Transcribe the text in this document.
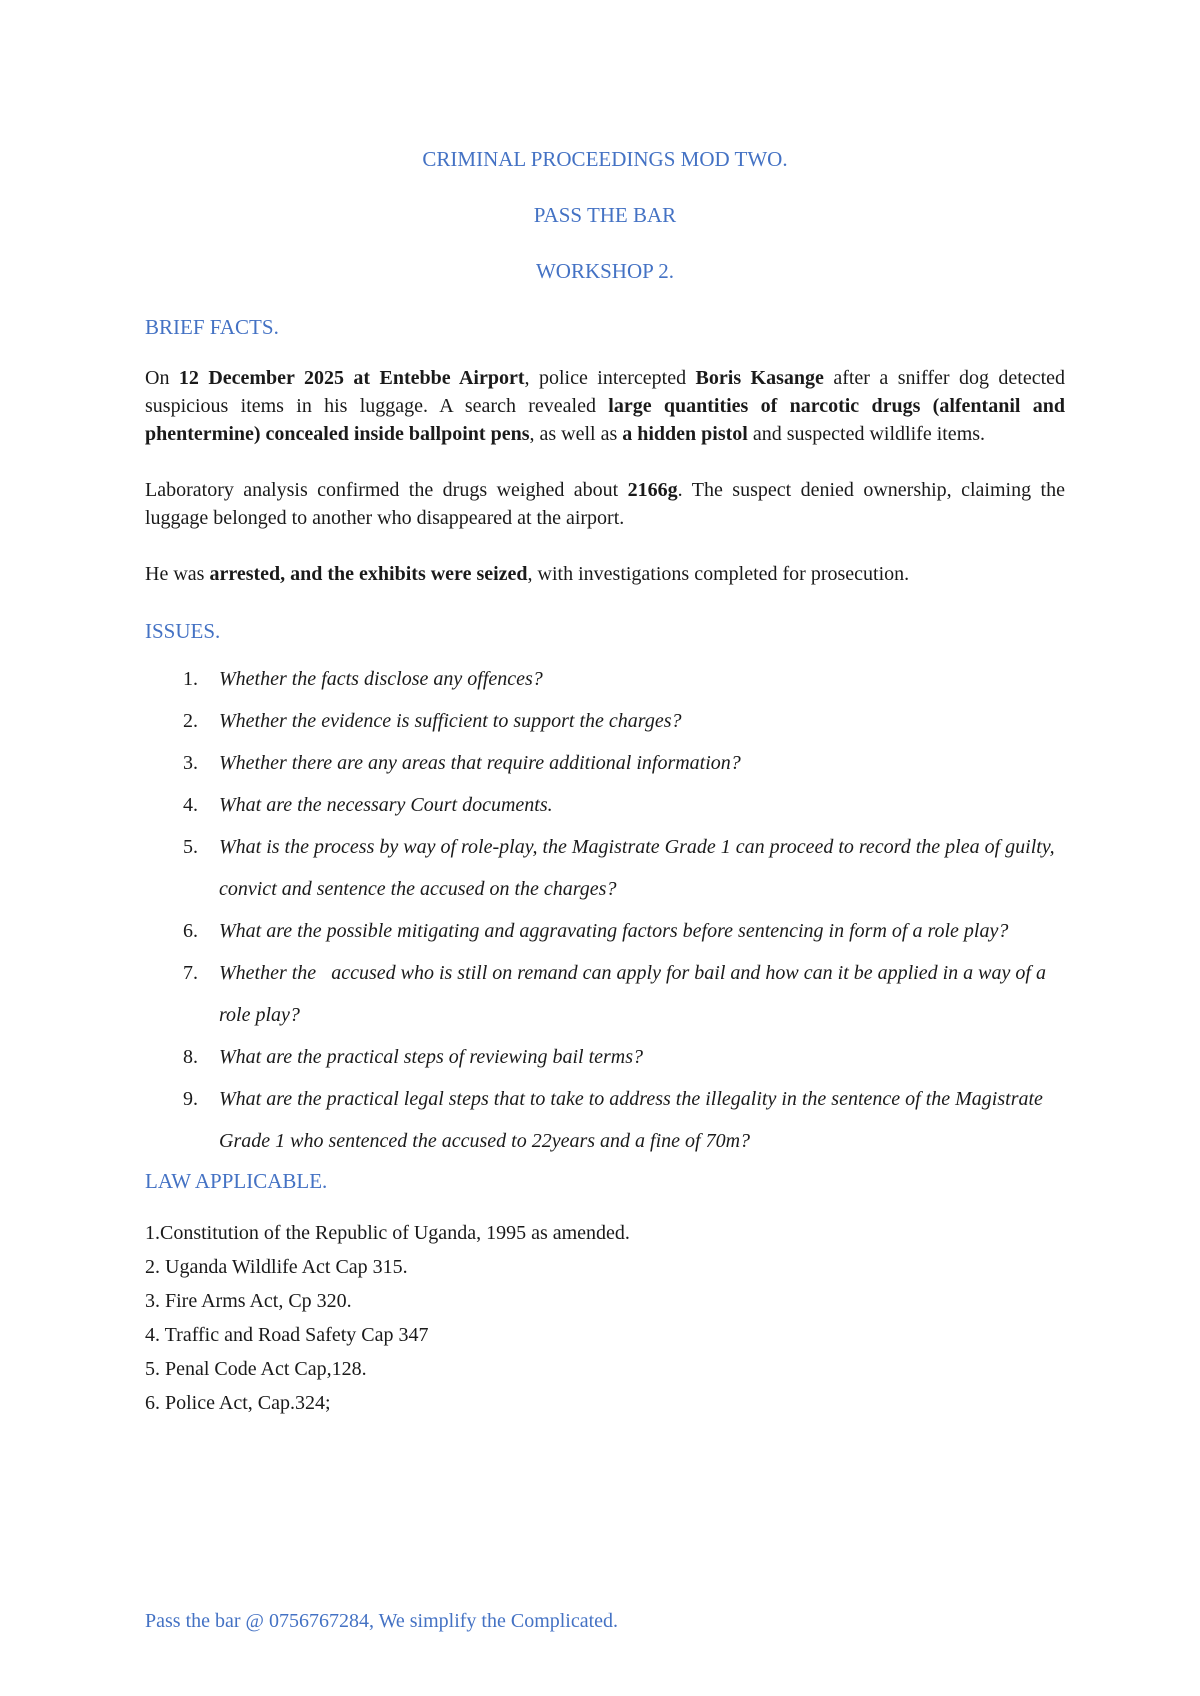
CRIMINAL PROCEEDINGS MOD TWO.

PASS THE BAR

WORKSHOP 2.

BRIEF FACTS.

On 12 December 2025 at Entebbe Airport, police intercepted Boris Kasange after a sniffer dog detected suspicious items in his luggage. A search revealed large quantities of narcotic drugs (alfentanil and phentermine) concealed inside ballpoint pens, as well as a hidden pistol and suspected wildlife items.

Laboratory analysis confirmed the drugs weighed about 2166g. The suspect denied ownership, claiming the luggage belonged to another who disappeared at the airport.

He was arrested, and the exhibits were seized, with investigations completed for prosecution.

ISSUES.

1. Whether the facts disclose any offences?
2. Whether the evidence is sufficient to support the charges?
3. Whether there are any areas that require additional information?
4. What are the necessary Court documents.
5. What is the process by way of role-play, the Magistrate Grade 1 can proceed to record the plea of guilty, convict and sentence the accused on the charges?
6. What are the possible mitigating and aggravating factors before sentencing in form of a role play?
7. Whether the   accused who is still on remand can apply for bail and how can it be applied in a way of a role play?
8. What are the practical steps of reviewing bail terms?
9. What are the practical legal steps that to take to address the illegality in the sentence of the Magistrate Grade 1 who sentenced the accused to 22years and a fine of 70m?

LAW APPLICABLE.

1.Constitution of the Republic of Uganda, 1995 as amended.
2. Uganda Wildlife Act Cap 315.
3. Fire Arms Act, Cp 320.
4. Traffic and Road Safety Cap 347
5. Penal Code Act Cap,128.
6. Police Act, Cap.324;
Pass the bar @ 0756767284, We simplify the Complicated.
